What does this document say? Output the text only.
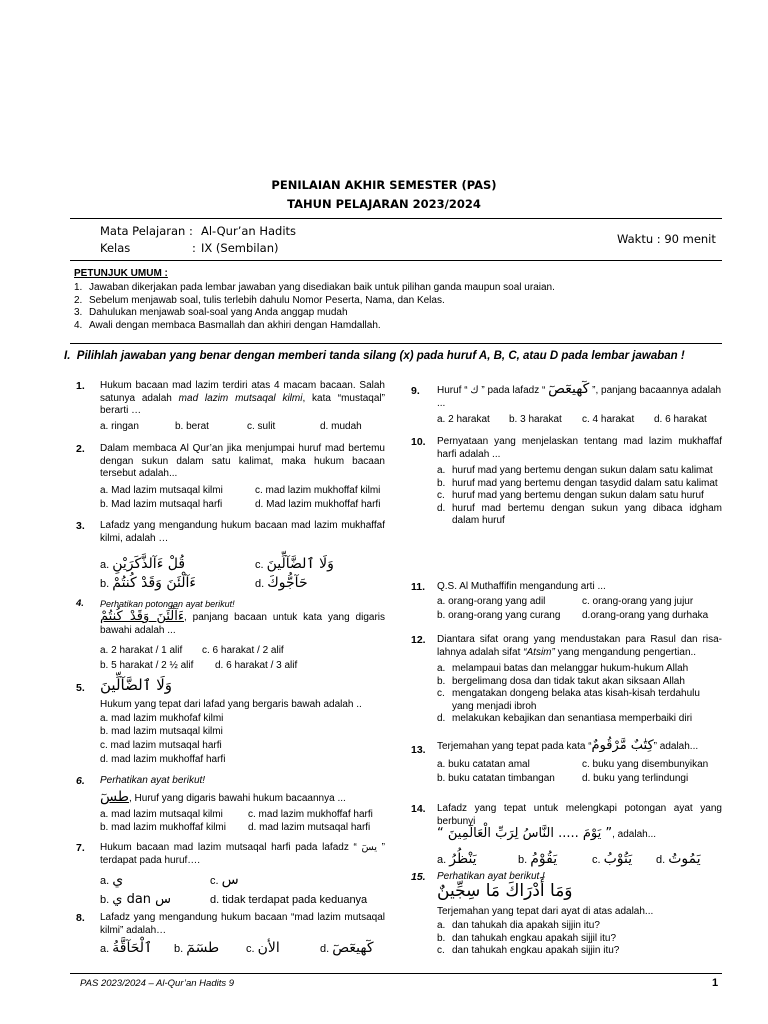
PENILAIAN AKHIR SEMESTER (PAS)
TAHUN PELAJARAN 2023/2024
Mata Pelajaran : Al-Qur’an Hadits
Kelas	: IX (Sembilan)
Waktu : 90 menit
PETUNJUK UMUM :
1. Jawaban dikerjakan pada lembar jawaban yang disediakan baik untuk pilihan ganda maupun soal uraian.
2. Sebelum menjawab soal, tulis terlebih dahulu Nomor Peserta, Nama, dan Kelas.
3. Dahulukan menjawab soal-soal yang Anda anggap mudah
4. Awali dengan membaca Basmallah dan akhiri dengan Hamdallah.
I. Pilihlah jawaban yang benar dengan memberi tanda silang (x) pada huruf A, B, C, atau D pada lembar jawaban !
1. Hukum bacaan mad lazim terdiri atas 4 macam bacaan. Salah satunya adalah mad lazim mutsaqal kilmi, kata “mustaqal” berarti …
a. ringan	b. berat	c. sulit	d. mudah
2. Dalam membaca Al Qur’an jika menjumpai huruf mad bertemu dengan sukun dalam satu kalimat, maka hukum bacaan tersebut adalah...
a. Mad lazim mutsaqal kilmi	c. mad lazim mukhoffaf kilmi
b. Mad lazim mutsaqal harfi	d. Mad lazim mukhoffaf harfi
3. Lafadz yang mengandung hukum bacaan mad lazim mukhaffaf kilmi, adalah …
a. قُلْ ءَآلذَّكَرَيْنِ	c. وَلَا ٱلضَّآلِّينَ
b. ءَآلْئَنَ وَقَدْ كُنتُمْ	d. حَآجُّوكَ
4. Perhatikan potongan ayat berikut!
ءَآلْئَنَ وَقَدْ كُنتُمْ, panjang bacaan untuk kata yang digaris bawahi adalah ...
a. 2 harakat / 1 alif c. 6 harakat / 2 alif
b. 5 harakat / 2 ½ alif d. 6 harakat / 3 alif
5. وَلَا ٱلضَّآلِّينَ
Hukum yang tepat dari lafad yang bergaris bawah adalah ..
a. mad lazim mukhofaf kilmi
b. mad lazim mutsaqal kilmi
c. mad lazim mutsaqal harfi
d. mad lazim mukhoffaf harfi
6. Perhatikan ayat berikut!
طسٓ, Huruf yang digaris bawahi hukum bacaannya ...
a. mad lazim mutsaqal kilmi	c. mad lazim mukhoffaf harfi
b. mad lazim mukhoffaf kilmi d. mad lazim mutsaqal harfi
7. Hukum bacaan mad lazim mutsaqal harfi pada lafadz “ يسٓ ” terdapat pada huruf….
a. ي	c. س
b. ي dan س	d. tidak terdapat pada keduanya
8. Lafadz yang mengandung hukum bacaan “mad lazim mutsaqal kilmi” adalah…
a. ٱلْحَآقَّةُ b. طسٓمٓ c. الأن	d. كٓهيعٓصٓ
9. Huruf “ ك ” pada lafadz “ كٓهيعٓصٓ ”, panjang bacaannya adalah ...
a. 2 harakat b. 3 harakat c. 4 harakat d. 6 harakat
10. Pernyataan yang menjelaskan tentang mad lazim mukhaffaf harfi adalah ...
a. huruf mad yang bertemu dengan sukun dalam satu kalimat
b. huruf mad yang bertemu dengan tasydid dalam satu kalimat
c. huruf mad yang bertemu dengan sukun dalam satu huruf
d. huruf mad bertemu dengan sukun yang dibaca idgham dalam huruf
11. Q.S. Al Muthaffifin mengandung arti ...
a. orang-orang yang adil	c. orang-orang yang jujur
b. orang-orang yang curang d.orang-orang yang durhaka
12. Diantara sifat orang yang mendustakan para Rasul dan risa-lahnya adalah sifat “Atsim” yang mengandung pengertian..
a. melampaui batas dan melanggar hukum-hukum Allah
b. bergelimang dosa dan tidak takut akan siksaan Allah
c. mengatakan dongeng belaka atas kisah-kisah terdahulu yang menjadi ibroh
d. melakukan kebajikan dan senantiasa memperbaiki diri
13. Terjemahan yang tepat pada kata “كِتَٰبٌ مَّرْقُومٌ” adalah...
a. buku catatan amal	c. buku yang disembunyikan
b. buku catatan timbangan	d. buku yang terlindungi
14. Lafadz yang tepat untuk melengkapi potongan ayat yang berbunyi
“ يَوْمَ ..... النَّاسُ لِرَبِّ الْعَالَمِينَ ”, adalah...
a. يَنْظُرُ	b. يَقُوْمُ	c. يَتُوْبُ d. يَمُوتُ
15. Perhatikan ayat berikut !
وَمَا أَدْرَاكَ مَا سِجِّينٌ
Terjemahan yang tepat dari ayat di atas adalah...
a. dan tahukah dia apakah sijjin itu?
b. dan tahukah engkau apakah sijjil itu?
c. dan tahukah engkau apakah sijjin itu?
PAS 2023/2024 – Al-Qur’an Hadits 9	1
